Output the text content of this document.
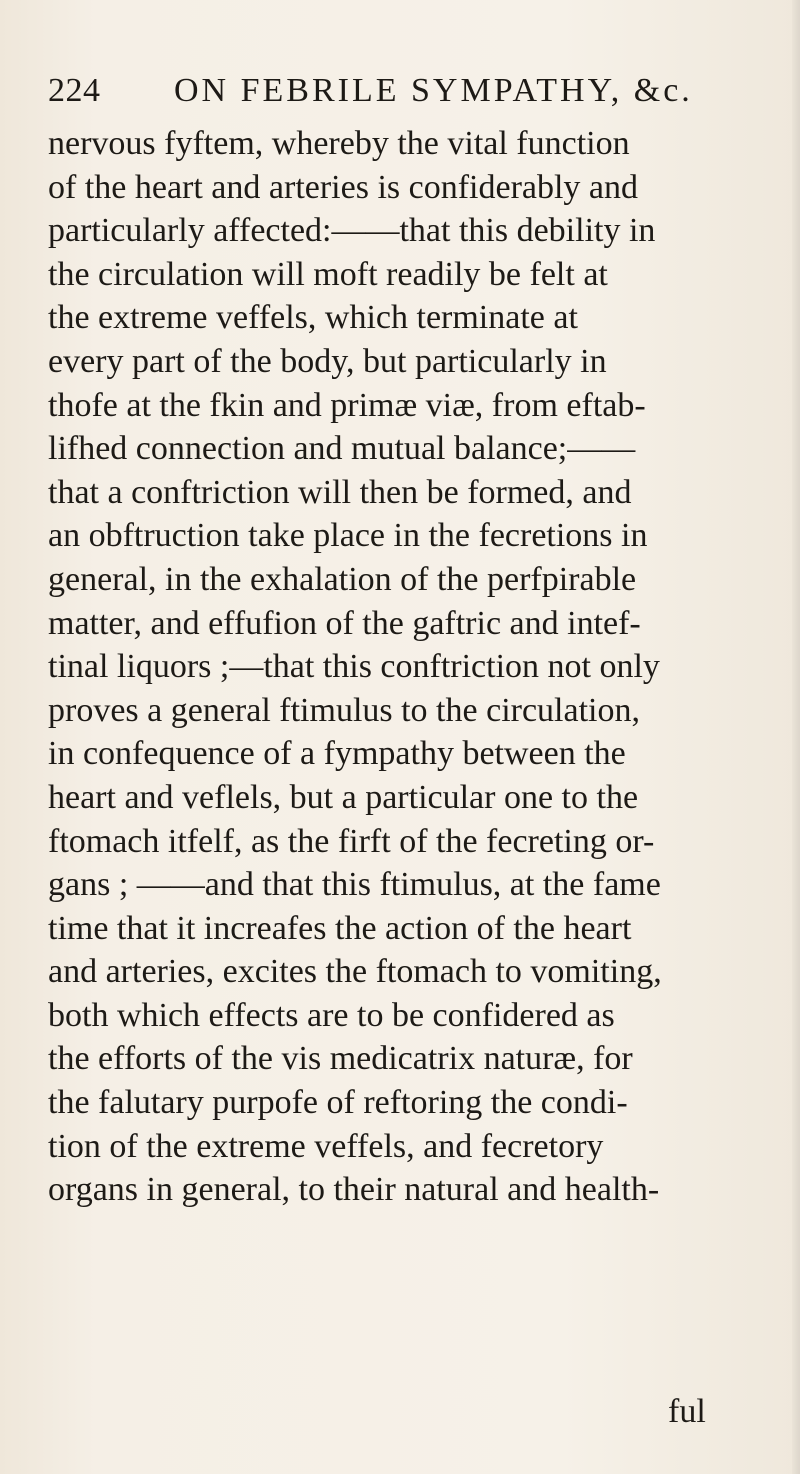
224 ON FEBRILE SYMPATHY, &c.
nervous fyftem, whereby the vital function
of the heart and arteries is confiderably and
particularly affected:——that this debility in
the circulation will moft readily be felt at
the extreme veffels, which terminate at
every part of the body, but particularly in
thofe at the fkin and primæ viæ, from eftab-
lifhed connection and mutual balance;——
that a conftriction will then be formed, and
an obftruction take place in the fecretions in
general, in the exhalation of the perfpirable
matter, and effufion of the gaftric and intef-
tinal liquors ;—that this conftriction not only
proves a general ftimulus to the circulation,
in confequence of a fympathy between the
heart and veflels, but a particular one to the
ftomach itfelf, as the firft of the fecreting or-
gans ; ——and that this ftimulus, at the fame
time that it increafes the action of the heart
and arteries, excites the ftomach to vomiting,
both which effects are to be confidered as
the efforts of the vis medicatrix naturæ, for
the falutary purpofe of reftoring the condi-
tion of the extreme veffels, and fecretory
organs in general, to their natural and health-
ful
